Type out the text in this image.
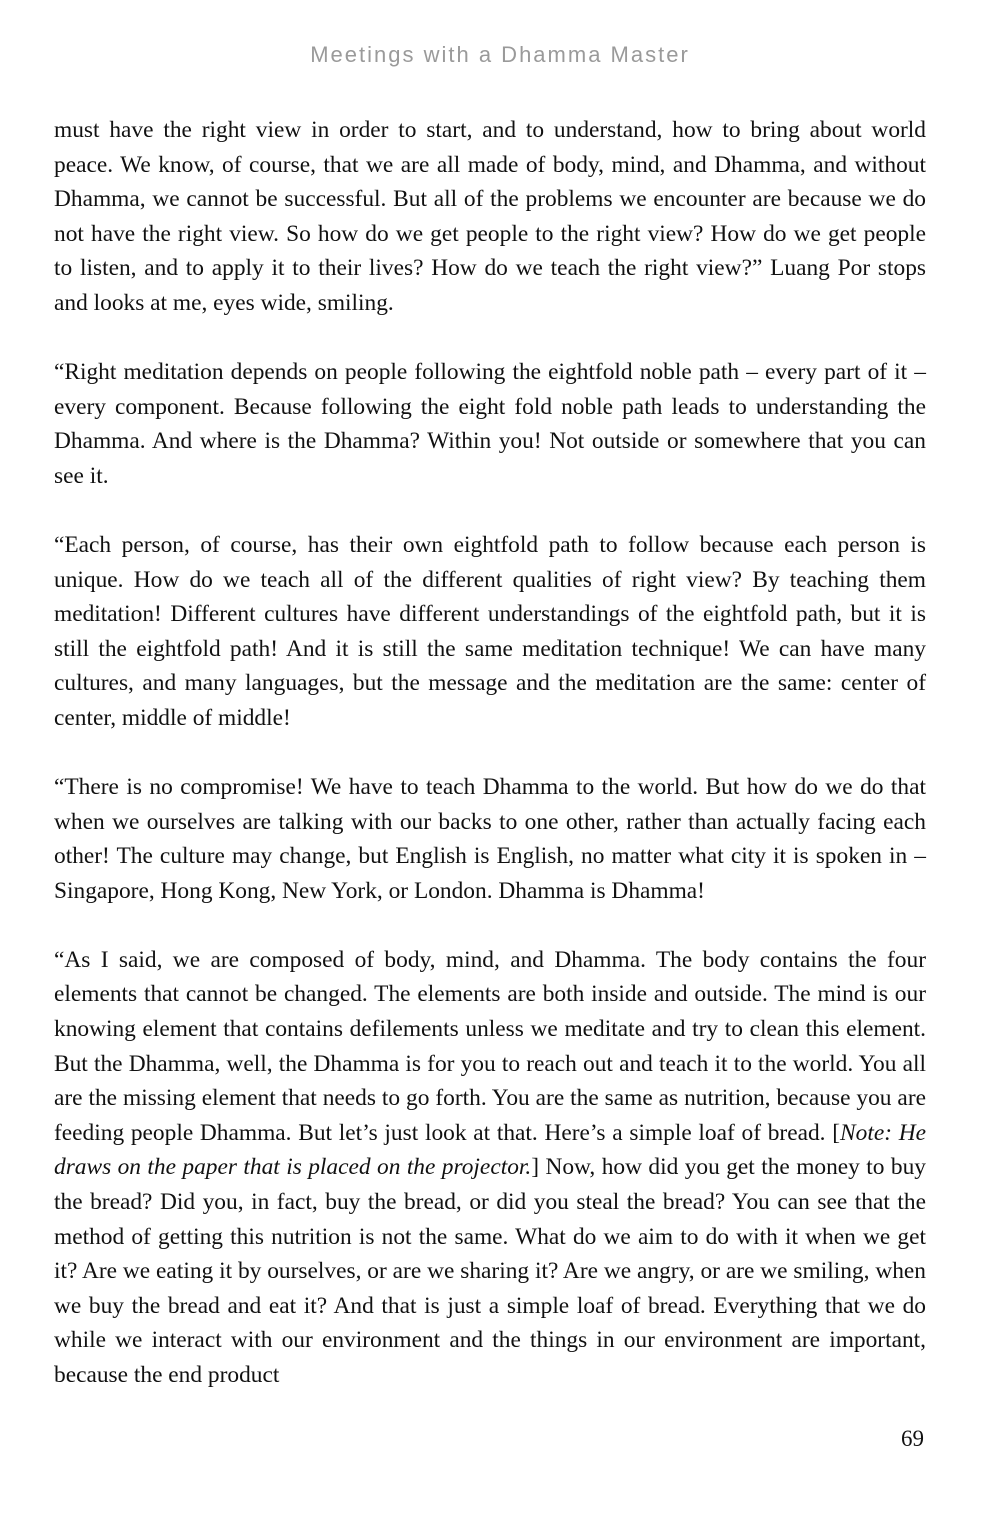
Meetings with a Dhamma Master

must have the right view in order to start, and to understand, how to bring about world peace. We know, of course, that we are all made of body, mind, and Dhamma, and without Dhamma, we cannot be successful. But all of the problems we encounter are because we do not have the right view. So how do we get people to the right view? How do we get people to listen, and to apply it to their lives? How do we teach the right view?” Luang Por stops and looks at me, eyes wide, smiling.

“Right meditation depends on people following the eightfold noble path – every part of it – every component. Because following the eight fold noble path leads to understanding the Dhamma. And where is the Dhamma? Within you! Not outside or somewhere that you can see it.

“Each person, of course, has their own eightfold path to follow because each person is unique. How do we teach all of the different qualities of right view? By teaching them meditation! Different cultures have different understandings of the eightfold path, but it is still the eightfold path! And it is still the same meditation technique! We can have many cultures, and many languages, but the message and the meditation are the same: center of center, middle of middle!

“There is no compromise! We have to teach Dhamma to the world. But how do we do that when we ourselves are talking with our backs to one other, rather than actually facing each other! The culture may change, but English is English, no matter what city it is spoken in – Singapore, Hong Kong, New York, or London. Dhamma is Dhamma!

“As I said, we are composed of body, mind, and Dhamma. The body contains the four elements that cannot be changed. The elements are both inside and outside. The mind is our knowing element that contains defilements unless we meditate and try to clean this element. But the Dhamma, well, the Dhamma is for you to reach out and teach it to the world. You all are the missing element that needs to go forth. You are the same as nutrition, because you are feeding people Dhamma. But let’s just look at that. Here’s a simple loaf of bread. [Note: He draws on the paper that is placed on the projector.] Now, how did you get the money to buy the bread? Did you, in fact, buy the bread, or did you steal the bread? You can see that the method of getting this nutrition is not the same. What do we aim to do with it when we get it? Are we eating it by ourselves, or are we sharing it? Are we angry, or are we smiling, when we buy the bread and eat it? And that is just a simple loaf of bread. Everything that we do while we interact with our environment and the things in our environment are important, because the end product

69
